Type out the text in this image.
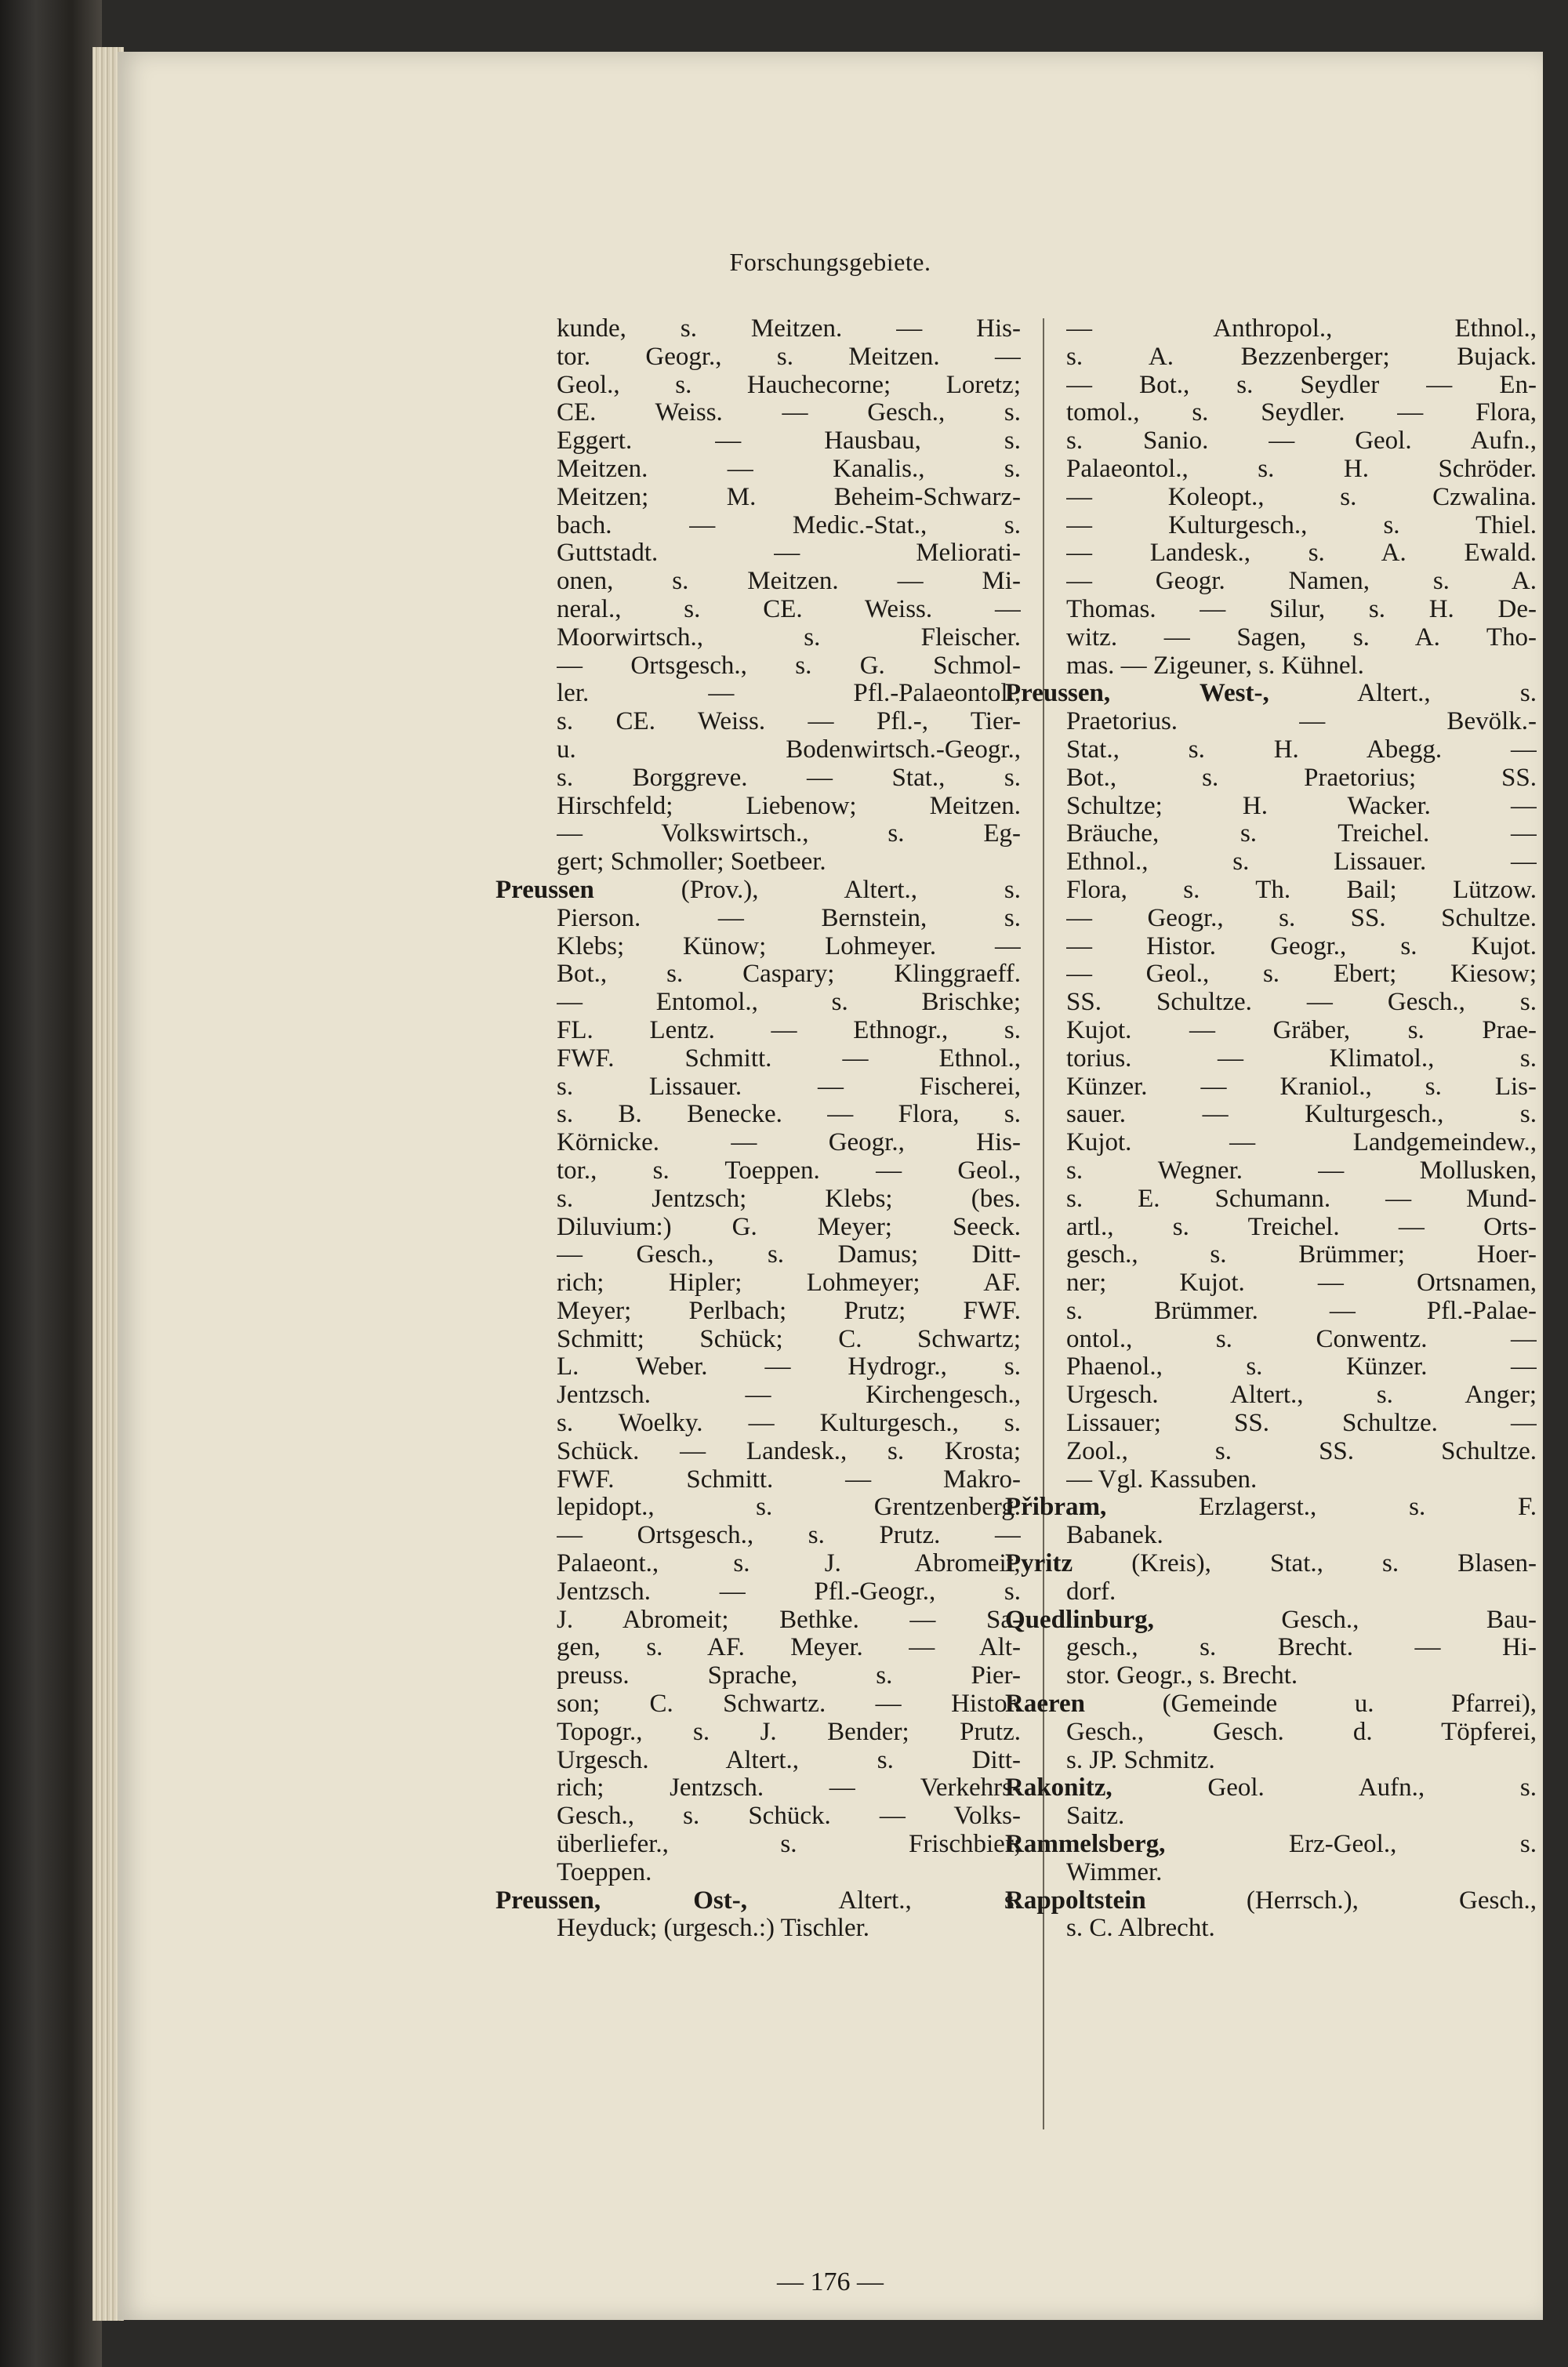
Forschungsgebiete.
kunde, s. Meitzen. — His-
tor. Geogr., s. Meitzen. —
Geol., s. Hauchecorne; Loretz;
CE. Weiss. — Gesch., s.
Eggert. — Hausbau, s.
Meitzen. — Kanalis., s.
Meitzen; M. Beheim-Schwarz-
bach. — Medic.-Stat., s.
Guttstadt. — Meliorati-
onen, s. Meitzen. — Mi-
neral., s. CE. Weiss. —
Moorwirtsch., s. Fleischer.
— Ortsgesch., s. G. Schmol-
ler. — Pfl.-Palaeontol.,
s. CE. Weiss. — Pfl.-, Tier-
u. Bodenwirtsch.-Geogr.,
s. Borggreve. — Stat., s.
Hirschfeld; Liebenow; Meitzen.
— Volkswirtsch., s. Eg-
gert; Schmoller; Soetbeer.
Preussen (Prov.), Altert., s.
Pierson. — Bernstein, s.
Klebs; Künow; Lohmeyer. —
Bot., s. Caspary; Klinggraeff.
— Entomol., s. Brischke;
FL. Lentz. — Ethnogr., s.
FWF. Schmitt. — Ethnol.,
s. Lissauer. — Fischerei,
s. B. Benecke. — Flora, s.
Körnicke. — Geogr., His-
tor., s. Toeppen. — Geol.,
s. Jentzsch; Klebs; (bes.
Diluvium:) G. Meyer; Seeck.
— Gesch., s. Damus; Ditt-
rich; Hipler; Lohmeyer; AF.
Meyer; Perlbach; Prutz; FWF.
Schmitt; Schück; C. Schwartz;
L. Weber. — Hydrogr., s.
Jentzsch. — Kirchengesch.,
s. Woelky. — Kulturgesch., s.
Schück. — Landesk., s. Krosta;
FWF. Schmitt. — Makro-
lepidopt., s. Grentzenberg.
— Ortsgesch., s. Prutz. —
Palaeont., s. J. Abromeit;
Jentzsch. — Pfl.-Geogr., s.
J. Abromeit; Bethke. — Sa-
gen, s. AF. Meyer. — Alt-
preuss. Sprache, s. Pier-
son; C. Schwartz. — Histor.
Topogr., s. J. Bender; Prutz.
Urgesch. Altert., s. Ditt-
rich; Jentzsch. — Verkehrs-
Gesch., s. Schück. — Volks-
überliefer., s. Frischbier;
Toeppen.
Preussen, Ost-, Altert., s.
Heyduck; (urgesch.:) Tischler.
— Anthropol., Ethnol.,
s. A. Bezzenberger; Bujack.
— Bot., s. Seydler — En-
tomol., s. Seydler. — Flora,
s. Sanio. — Geol. Aufn.,
Palaeontol., s. H. Schröder.
— Koleopt., s. Czwalina.
— Kulturgesch., s. Thiel.
— Landesk., s. A. Ewald.
— Geogr. Namen, s. A.
Thomas. — Silur, s. H. De-
witz. — Sagen, s. A. Tho-
mas. — Zigeuner, s. Kühnel.
Preussen, West-, Altert., s.
Praetorius. — Bevölk.-
Stat., s. H. Abegg. —
Bot., s. Praetorius; SS.
Schultze; H. Wacker. —
Bräuche, s. Treichel. —
Ethnol., s. Lissauer. —
Flora, s. Th. Bail; Lützow.
— Geogr., s. SS. Schultze.
— Histor. Geogr., s. Kujot.
— Geol., s. Ebert; Kiesow;
SS. Schultze. — Gesch., s.
Kujot. — Gräber, s. Prae-
torius. — Klimatol., s.
Künzer. — Kraniol., s. Lis-
sauer. — Kulturgesch., s.
Kujot. — Landgemeindew.,
s. Wegner. — Mollusken,
s. E. Schumann. — Mund-
artl., s. Treichel. — Orts-
gesch., s. Brümmer; Hoer-
ner; Kujot. — Ortsnamen,
s. Brümmer. — Pfl.-Palae-
ontol., s. Conwentz. —
Phaenol., s. Künzer. —
Urgesch. Altert., s. Anger;
Lissauer; SS. Schultze. —
Zool., s. SS. Schultze.
— Vgl. Kassuben.
Přibram, Erzlagerst., s. F.
Babanek.
Pyritz (Kreis), Stat., s. Blasen-
dorf.
Quedlinburg, Gesch., Bau-
gesch., s. Brecht. — Hi-
stor. Geogr., s. Brecht.
Raeren (Gemeinde u. Pfarrei),
Gesch., Gesch. d. Töpferei,
s. JP. Schmitz.
Rakonitz, Geol. Aufn., s.
Saitz.
Rammelsberg, Erz-Geol., s.
Wimmer.
Rappoltstein (Herrsch.), Gesch.,
s. C. Albrecht.
— 176 —
